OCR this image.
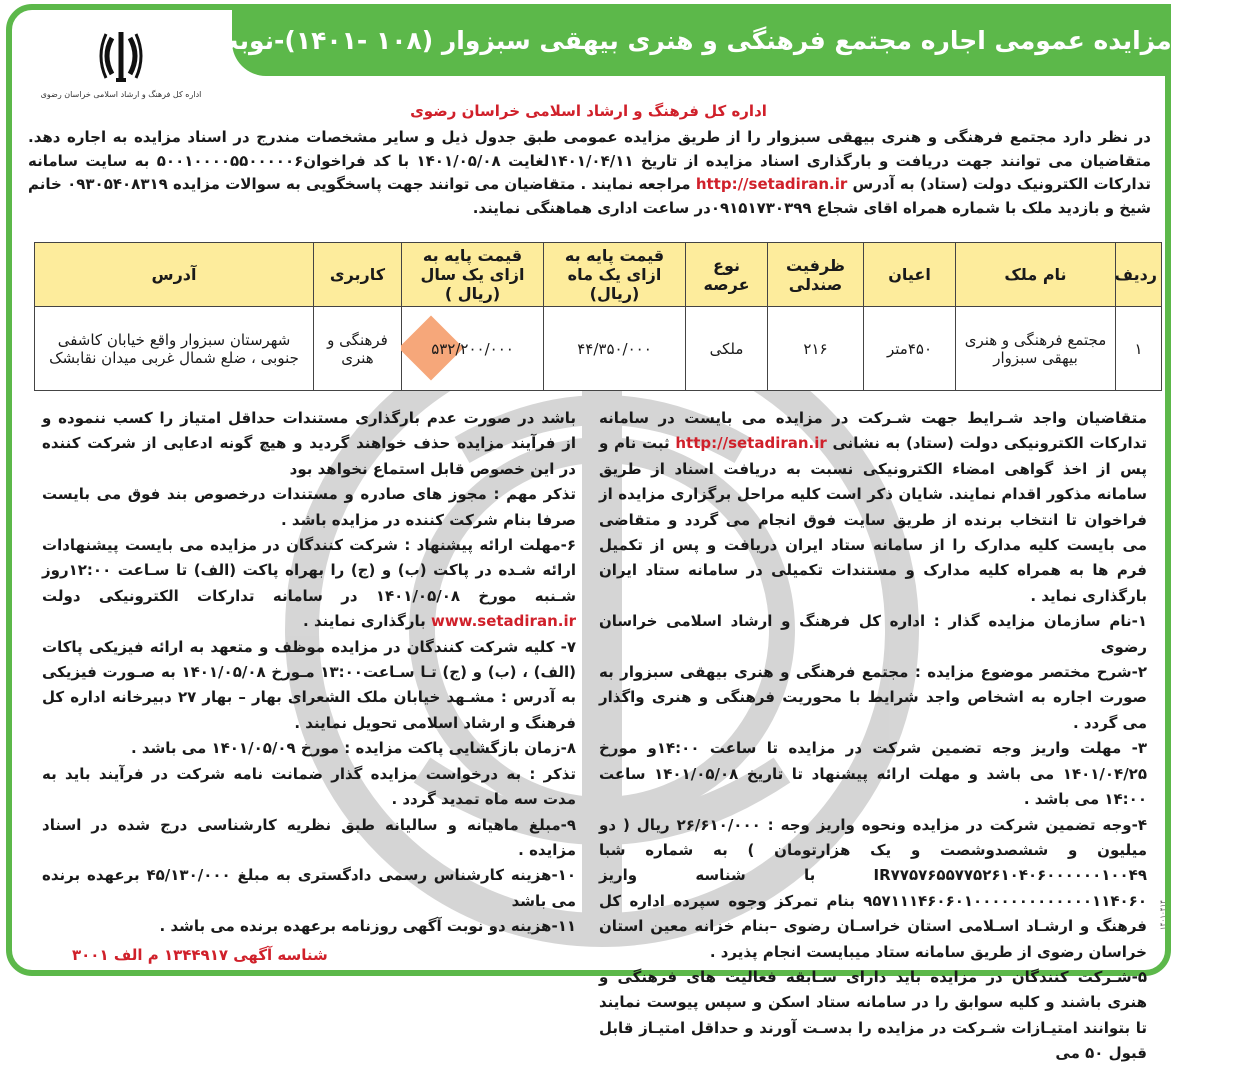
آگهی مزایده عمومی اجاره مجتمع فرهنگی و هنری بیهقی سبزوار (۱۰۸ -۱۴۰۱)-نوبت دوم
اداره کل فرهنگ و ارشاد اسلامی خراسان رضوی
اداره کل فرهنگ و ارشاد اسلامی خراسان رضوی
در نظر دارد مجتمع فرهنگی و هنری بیهقی سبزوار را از طریق مزایده عمومی طبق جدول ذیل و سایر مشخصات مندرج در اسناد مزایده به اجاره دهد. متقاضیان می توانند جهت دریافت و بارگذاری اسناد مزایده از تاریخ ۱۴۰۱/۰۴/۱۱لغایت ۱۴۰۱/۰۵/۰۸ با کد فراخوان۵۰۰۱۰۰۰۰۵۵۰۰۰۰۰۶ به سایت سامانه تدارکات الکترونیک دولت (ستاد) به آدرس http://setadiran.ir مراجعه نمایند . متقاضیان می توانند جهت پاسخگویی به سوالات مزایده ۰۹۳۰۵۴۰۸۳۱۹ خانم شیخ و بازدید ملک با شماره همراه اقای شجاع ۰۹۱۵۱۷۳۰۳۹۹در ساعت اداری هماهنگی نمایند.
ردیف	نام ملک	اعیان	ظرفیت صندلی	نوع عرصه	قیمت پایه به ازای یک ماه (ریال)	قیمت پایه به ازای یک سال (ریال )	کاربری	آدرس
۱	مجتمع فرهنگی و هنری بیهقی سبزوار	۴۵۰متر	۲۱۶	ملکی	۴۴/۳۵۰/۰۰۰	۵۳۲/۲۰۰/۰۰۰	فرهنگی و هنری	شهرستان سبزوار واقع خیابان کاشفی جنوبی ، ضلع شمال غربی میدان نقابشک

متقاضیان واجد شـرایط جهت شـرکت در مزایده می بایست در سامانه تدارکات الکترونیکی دولت (ستاد) به نشانی http://setadiran.ir ثبت نام و پس از اخذ گواهی امضاء الکترونیکی نسبت به دریافت اسناد از طریق سامانه مذکور اقدام نمایند. شایان ذکر است کلیه مراحل برگزاری مزایده از فراخوان تا انتخاب برنده از طریق سایت فوق انجام می گردد و متقاضی می بایست کلیه مدارک را از سامانه ستاد ایران دریافت و پس از تکمیل فرم ها به همراه کلیه مدارک و مستندات تکمیلی در سامانه ستاد ایران بارگذاری نماید .

۱-نام سازمان مزایده گذار : اداره کل فرهنگ و ارشاد اسلامی خراسان رضوی

۲-شرح مختصر موضوع مزایده : مجتمع فرهنگی و هنری بیهقی سبزوار به صورت اجاره به اشخاص واجد شرایط با محوریت فرهنگی و هنری واگذار می گردد .

۳- مهلت واریز وجه تضمین شرکت در مزایده تا ساعت ۱۴:۰۰و مورخ ۱۴۰۱/۰۴/۲۵ می باشد و مهلت ارائه پیشنهاد تا تاریخ ۱۴۰۱/۰۵/۰۸ ساعت ۱۴:۰۰ می باشد .

۴-وجه تضمین شرکت در مزایده ونحوه واریز وجه : ۲۶/۶۱۰/۰۰۰ ریال ( دو میلیون و ششصدوشصت و یک هزارتومان ) به شماره شبا IR۷۷۵۷۶۵۵۷۷۵۲۶۱۰۴۰۶۰۰۰۰۰۰۱۰۰۴۹ با شناسه واریز ۹۵۷۱۱۱۴۶۰۶۰۱۰۰۰۰۰۰۰۰۰۰۰۰۰۱۱۴۰۶۰ بنام تمرکز وجوه سپرده اداره کل فرهنگ و ارشـاد اسـلامی استان خراسـان رضوی –بنام خزانه معین استان خراسان رضوی از طریق سامانه ستاد میبایست انجام پذیرد .

۵-شـرکت کنندگان در مزایده باید دارای سـابقه فعالیت های فرهنگی و هنری باشند و کلیه سوابق را در سامانه ستاد اسکن و سپس پیوست نمایند تا بتوانند امتیـازات شـرکت در مزایده را بدسـت آورند و حداقل امتیـاز قابل قبول ۵۰ می

باشد در صورت عدم بارگذاری مستندات حداقل امتیاز را کسب ننموده و از فرآیند مزایده حذف خواهند گردید و هیچ گونه ادعایی از شرکت کننده در این خصوص قابل استماع نخواهد بود

تذکر مهم : مجوز های صادره و مستندات درخصوص بند فوق می بایست صرفا بنام شرکت کننده در مزایده باشد .

۶-مهلت ارائه پیشنهاد : شرکت کنندگان در مزایده می بایست پیشنهادات ارائه شـده در پاکت (ب) و (ج) را بهراه پاکت (الف) تا سـاعت ۱۲:۰۰روز شـنبه مورخ ۱۴۰۱/۰۵/۰۸ در سامانه تدارکات الکترونیکی دولت www.setadiran.ir بارگذاری نمایند .

۷- کلیه شرکت کنندگان در مزایده موظف و متعهد به ارائه فیزیکی پاکات (الف) ، (ب) و (ج) تـا سـاعت۱۳:۰۰ مـورخ ۱۴۰۱/۰۵/۰۸ به صـورت فیزیکی به آدرس : مشـهد خیابان ملک الشعرای بهار – بهار ۲۷ دبیرخانه اداره کل فرهنگ و ارشاد اسلامی تحویل نمایند .

۸-زمان بازگشایی پاکت مزایده : مورخ ۱۴۰۱/۰۵/۰۹ می باشد .

تذکر : به درخواست مزایده گذار ضمانت نامه شرکت در فرآیند باید به مدت سه ماه تمدید گردد .

۹-مبلغ ماهیانه و سالیانه طبق نظریه کارشناسی درج شده در اسناد مزایده .

۱۰-هزینه کارشناس رسمی دادگستری به مبلغ ۴۵/۱۳۰/۰۰۰ برعهده برنده می باشد

۱۱-هزینه دو نوبت آگهی روزنامه برعهده برنده می باشد .

شناسه آگهی ۱۳۴۴۹۱۷ م الف ۳۰۰۱
۱۴۰۱۰۴۱۴
